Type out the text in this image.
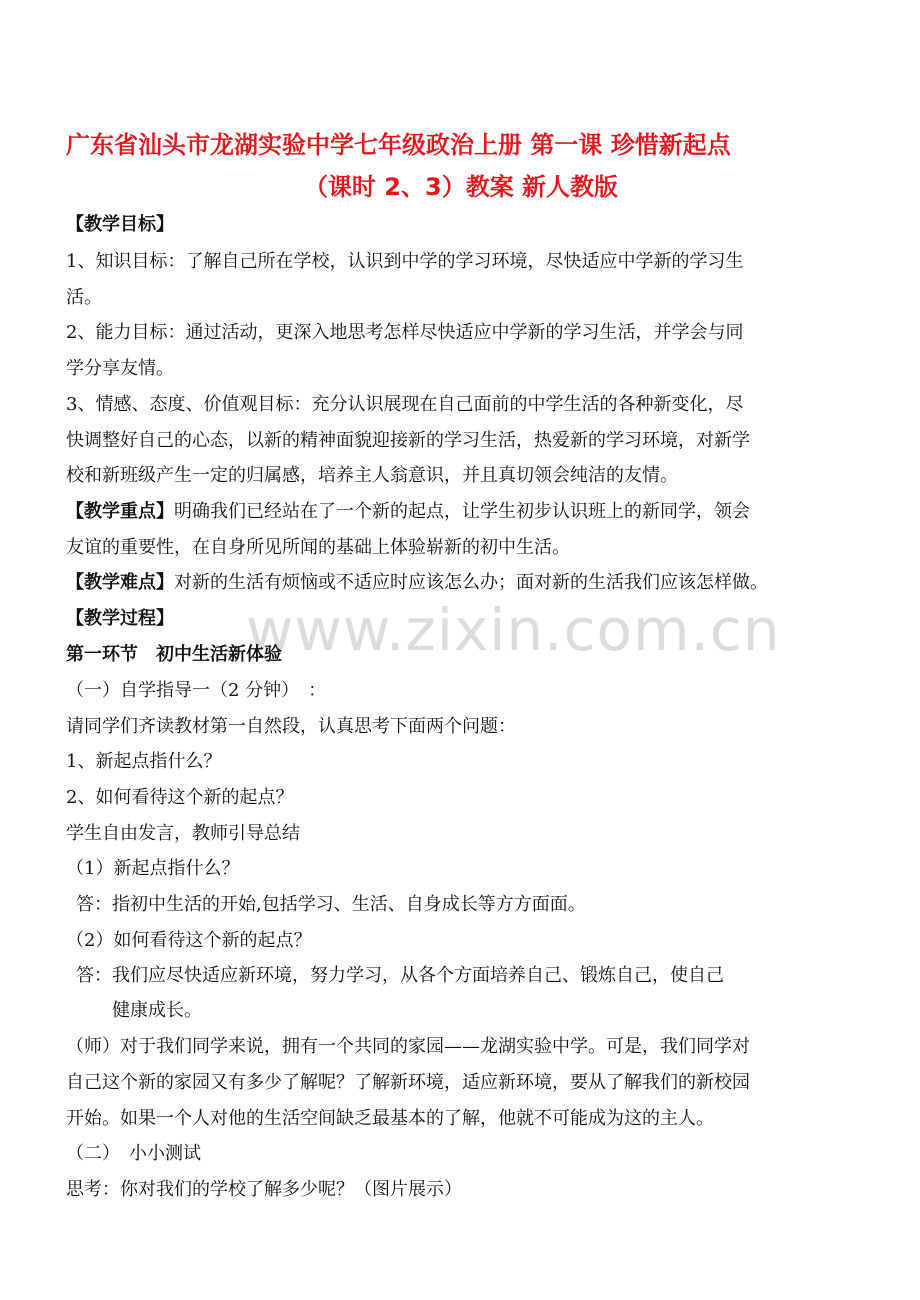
www.zixin.com.cn
广东省汕头市龙湖实验中学七年级政治上册 第一课 珍惜新起点
（课时 2、3）教案 新人教版
【教学目标】
1、知识目标：了解自己所在学校，认识到中学的学习环境，尽快适应中学新的学习生
活。
2、能力目标：通过活动，更深入地思考怎样尽快适应中学新的学习生活，并学会与同
学分享友情。
3、情感、态度、价值观目标：充分认识展现在自己面前的中学生活的各种新变化，尽
快调整好自己的心态，以新的精神面貌迎接新的学习生活，热爱新的学习环境，对新学
校和新班级产生一定的归属感，培养主人翁意识，并且真切领会纯洁的友情。
【教学重点】明确我们已经站在了一个新的起点，让学生初步认识班上的新同学，领会
友谊的重要性，在自身所见所闻的基础上体验崭新的初中生活。
【教学难点】对新的生活有烦恼或不适应时应该怎么办；面对新的生活我们应该怎样做。
【教学过程】
第一环节　初中生活新体验
（一）自学指导一（2 分钟）　：
请同学们齐读教材第一自然段，认真思考下面两个问题：
1、新起点指什么？
2、如何看待这个新的起点？
学生自由发言，教师引导总结
（1）新起点指什么？
答：指初中生活的开始,包括学习、生活、自身成长等方方面面。
（2）如何看待这个新的起点？
答：我们应尽快适应新环境，努力学习，从各个方面培养自己、锻炼自己，使自己
健康成长。
（师）对于我们同学来说，拥有一个共同的家园——龙湖实验中学。可是，我们同学对
自己这个新的家园又有多少了解呢？了解新环境，适应新环境，要从了解我们的新校园
开始。如果一个人对他的生活空间缺乏最基本的了解，他就不可能成为这的主人。
（二）　小小测试
思考：你对我们的学校了解多少呢？（图片展示）
